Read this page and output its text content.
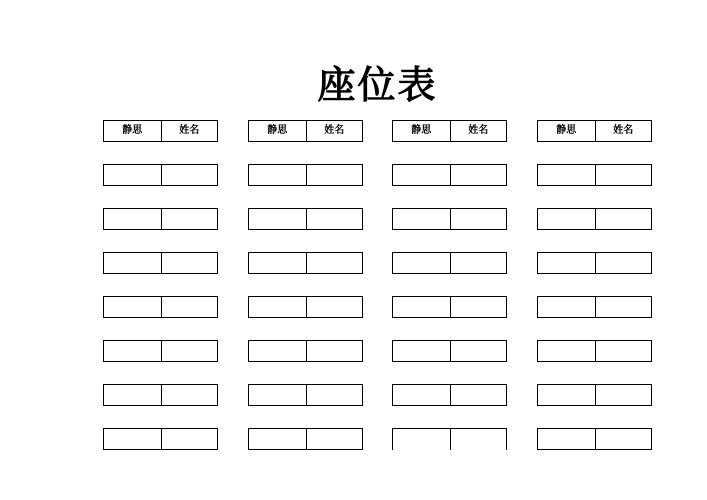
座位表
静思	姓名	静思	姓名	静思	姓名	静思	姓名
